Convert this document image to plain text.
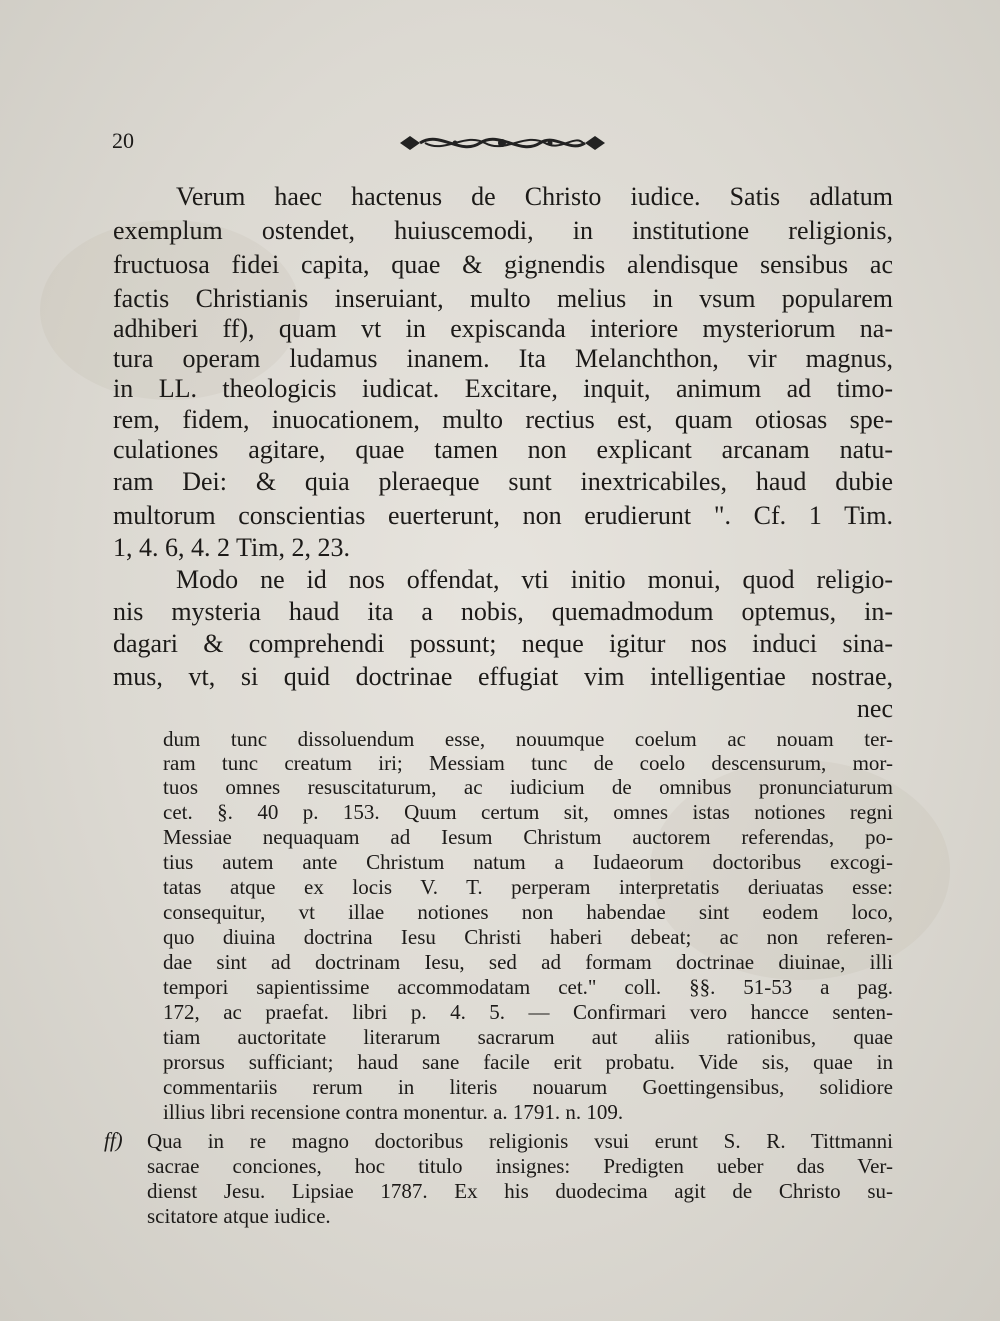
20
Verum haec hactenus de Christo iudice. Satis adlatum
exemplum ostendet, huiuscemodi, in institutione religionis,
fructuosa fidei capita, quae & gignendis alendisque sensibus ac
factis Christianis inseruiant, multo melius in vsum popularem
adhiberi ff), quam vt in expiscanda interiore mysteriorum na-
tura operam ludamus inanem. Ita Melanchthon, vir magnus,
in LL. theologicis iudicat. Excitare, inquit, animum ad timo-
rem, fidem, inuocationem, multo rectius est, quam otiosas spe-
culationes agitare, quae tamen non explicant arcanam natu-
ram Dei: & quia pleraeque sunt inextricabiles, haud dubie
multorum conscientias euerterunt, non erudierunt ". Cf. 1 Tim.
1, 4. 6, 4. 2 Tim, 2, 23.
Modo ne id nos offendat, vti initio monui, quod religio-
nis mysteria haud ita a nobis, quemadmodum optemus, in-
dagari & comprehendi possunt; neque igitur nos induci sina-
mus, vt, si quid doctrinae effugiat vim intelligentiae nostrae,
nec
dum tunc dissoluendum esse, nouumque coelum ac nouam ter-
ram tunc creatum iri; Messiam tunc de coelo descensurum, mor-
tuos omnes resuscitaturum, ac iudicium de omnibus pronunciaturum
cet. §. 40 p. 153. Quum certum sit, omnes istas notiones regni
Messiae nequaquam ad Iesum Christum auctorem referendas, po-
tius autem ante Christum natum a Iudaeorum doctoribus excogi-
tatas atque ex locis V. T. perperam interpretatis deriuatas esse:
consequitur, vt illae notiones non habendae sint eodem loco,
quo diuina doctrina Iesu Christi haberi debeat; ac non referen-
dae sint ad doctrinam Iesu, sed ad formam doctrinae diuinae, illi
tempori sapientissime accommodatam cet." coll. §§. 51-53 a pag.
172, ac praefat. libri p. 4. 5. — Confirmari vero hancce senten-
tiam auctoritate literarum sacrarum aut aliis rationibus, quae
prorsus sufficiant; haud sane facile erit probatu. Vide sis, quae in
commentariis rerum in literis nouarum Goettingensibus, solidiore
illius libri recensione contra monentur. a. 1791. n. 109.
ff) Qua in re magno doctoribus religionis vsui erunt S. R. Tittmanni
sacrae conciones, hoc titulo insignes: Predigten ueber das Ver-
dienst Jesu. Lipsiae 1787. Ex his duodecima agit de Christo su-
scitatore atque iudice.
